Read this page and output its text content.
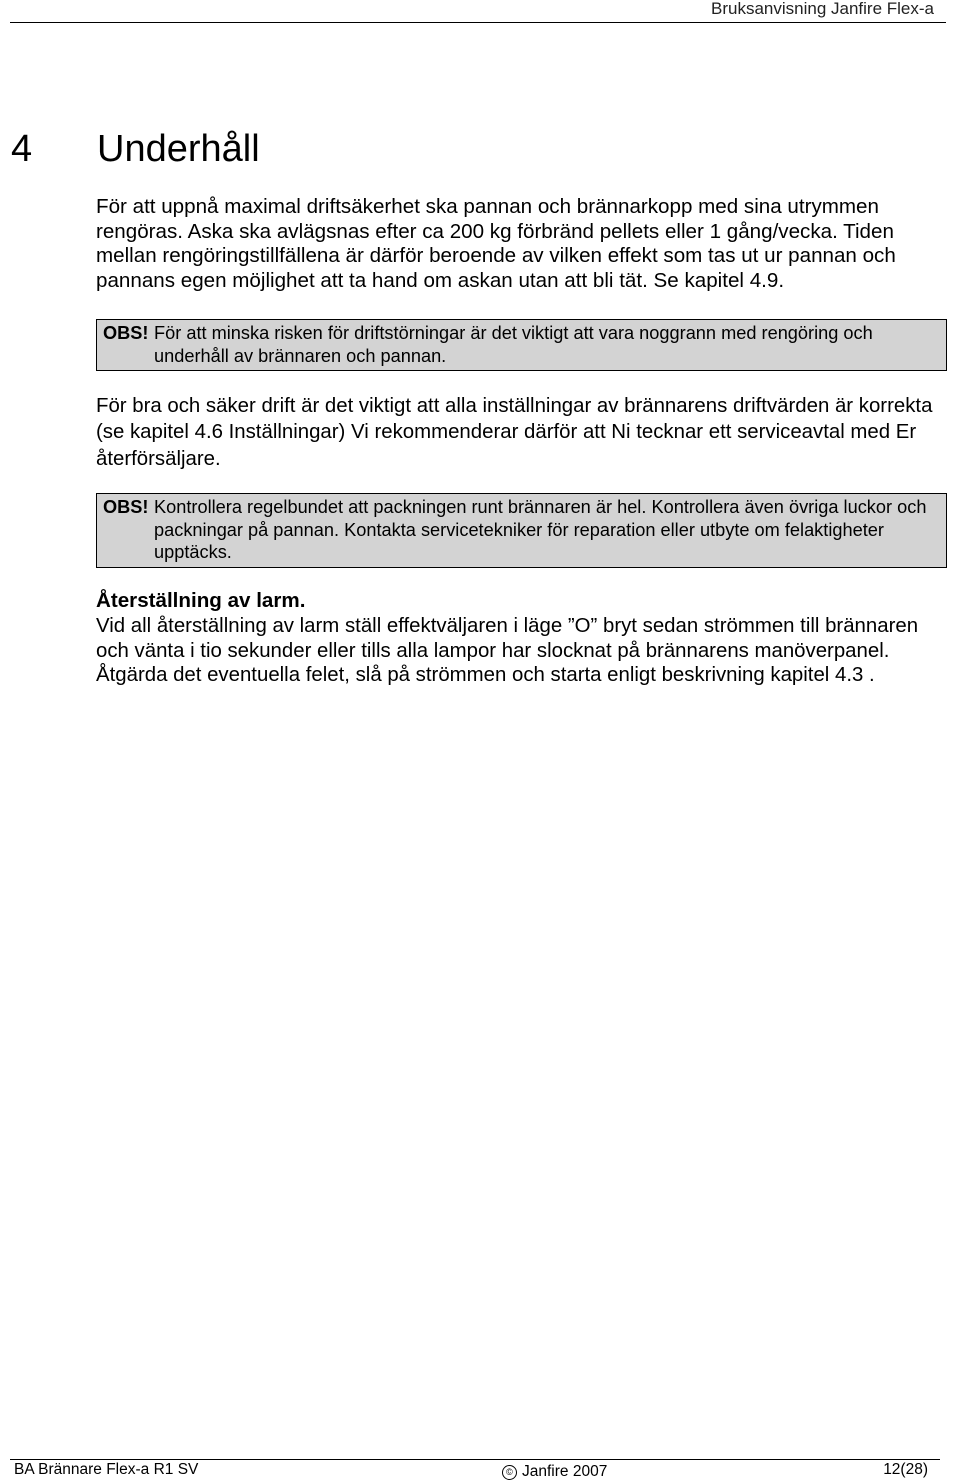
Bruksanvisning Janfire Flex-a
4 Underhåll

För att uppnå maximal driftsäkerhet ska pannan och brännarkopp med sina utrymmen rengöras. Aska ska avlägsnas efter ca 200 kg förbränd pellets eller 1 gång/vecka. Tiden mellan rengöringstillfällena är därför beroende av vilken effekt som tas ut ur pannan och pannans egen möjlighet att ta hand om askan utan att bli tät. Se kapitel 4.9.

OBS! För att minska risken för driftstörningar är det viktigt att vara noggrann med rengöring och underhåll av brännaren och pannan.

För bra och säker drift är det viktigt att alla inställningar av brännarens driftvärden är korrekta (se kapitel 4.6 Inställningar) Vi rekommenderar därför att Ni tecknar ett serviceavtal med Er återförsäljare.

OBS! Kontrollera regelbundet att packningen runt brännaren är hel. Kontrollera även övriga luckor och packningar på pannan. Kontakta servicetekniker för reparation eller utbyte om felaktigheter upptäcks.
Återställning av larm.

Vid all återställning av larm ställ effektväljaren i läge ”O” bryt sedan strömmen till brännaren och vänta i tio sekunder eller tills alla lampor har slocknat på brännarens manöverpanel. Åtgärda det eventuella felet, slå på strömmen och starta enligt beskrivning kapitel 4.3 .

BA Brännare Flex-a R1 SV	© Janfire 2007	12(28)
